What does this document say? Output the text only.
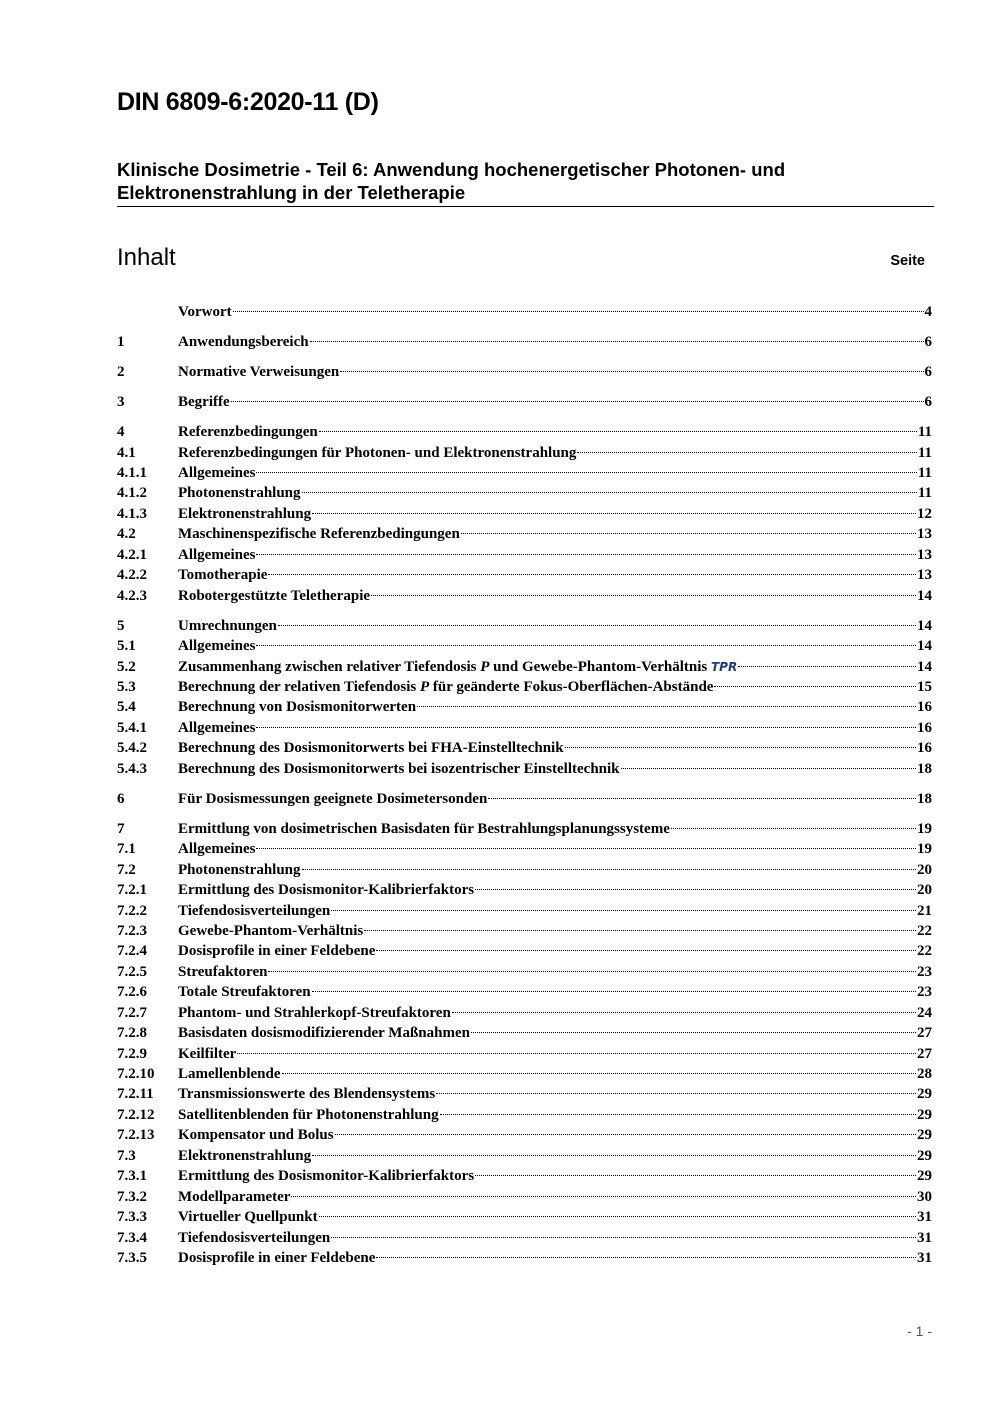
DIN 6809-6:2020-11 (D)
Klinische Dosimetrie - Teil 6: Anwendung hochenergetischer Photonen- und Elektronenstrahlung in der Teletherapie
Inhalt	Seite
Vorwort	4
1	Anwendungsbereich	6
2	Normative Verweisungen	6
3	Begriffe	6
4	Referenzbedingungen	11
4.1	Referenzbedingungen für Photonen- und Elektronenstrahlung	11
4.1.1	Allgemeines	11
4.1.2	Photonenstrahlung	11
4.1.3	Elektronenstrahlung	12
4.2	Maschinenspezifische Referenzbedingungen	13
4.2.1	Allgemeines	13
4.2.2	Tomotherapie	13
4.2.3	Robotergestützte Teletherapie	14
5	Umrechnungen	14
5.1	Allgemeines	14
5.2	Zusammenhang zwischen relativer Tiefendosis P und Gewebe-Phantom-Verhältnis TPR	14
5.3	Berechnung der relativen Tiefendosis P für geänderte Fokus-Oberflächen-Abstände	15
5.4	Berechnung von Dosismonitorwerten	16
5.4.1	Allgemeines	16
5.4.2	Berechnung des Dosismonitorwerts bei FHA-Einstelltechnik	16
5.4.3	Berechnung des Dosismonitorwerts bei isozentrischer Einstelltechnik	18
6	Für Dosismessungen geeignete Dosimetersonden	18
7	Ermittlung von dosimetrischen Basisdaten für Bestrahlungsplanungssysteme	19
7.1	Allgemeines	19
7.2	Photonenstrahlung	20
7.2.1	Ermittlung des Dosismonitor-Kalibrierfaktors	20
7.2.2	Tiefendosisverteilungen	21
7.2.3	Gewebe-Phantom-Verhältnis	22
7.2.4	Dosisprofile in einer Feldebene	22
7.2.5	Streufaktoren	23
7.2.6	Totale Streufaktoren	23
7.2.7	Phantom- und Strahlerkopf-Streufaktoren	24
7.2.8	Basisdaten dosismodifizierender Maßnahmen	27
7.2.9	Keilfilter	27
7.2.10	Lamellenblende	28
7.2.11	Transmissionswerte des Blendensystems	29
7.2.12	Satellitenblenden für Photonenstrahlung	29
7.2.13	Kompensator und Bolus	29
7.3	Elektronenstrahlung	29
7.3.1	Ermittlung des Dosismonitor-Kalibrierfaktors	29
7.3.2	Modellparameter	30
7.3.3	Virtueller Quellpunkt	31
7.3.4	Tiefendosisverteilungen	31
7.3.5	Dosisprofile in einer Feldebene	31
- 1 -
